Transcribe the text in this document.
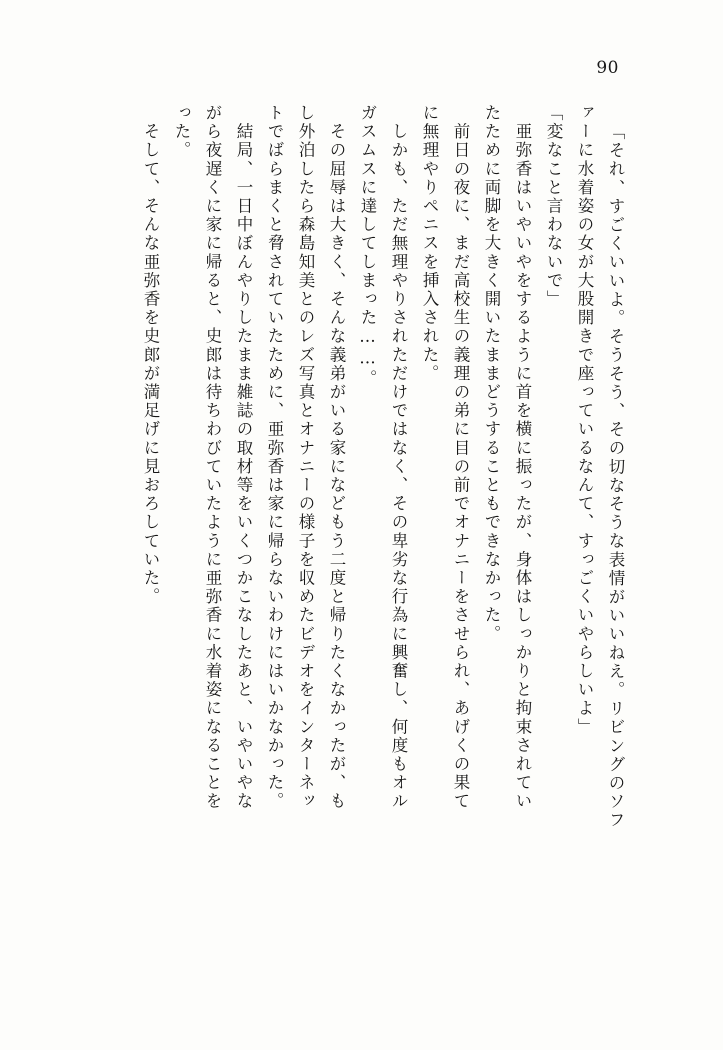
90
「それ、すごくいいよ。そうそう、その切なそうな表情がいいねえ。リビングのソフ
ァーに水着姿の女が大股開きで座っているなんて、すっごくいやらしいよ」
「変なこと言わないで」
　亜弥香はいやいやをするように首を横に振ったが、身体はしっかりと拘束されてい
たために両脚を大きく開いたままどうすることもできなかった。
　前日の夜に、まだ高校生の義理の弟に目の前でオナニーをさせられ、あげくの果て
に無理やりペニスを挿入された。
　しかも、ただ無理やりされただけではなく、その卑劣な行為に興奮し、何度もオル
ガスムスに達してしまった……。
　その屈辱は大きく、そんな義弟がいる家になどもう二度と帰りたくなかったが、も
し外泊したら森島知美とのレズ写真とオナニーの様子を収めたビデオをインターネッ
トでばらまくと脅されていたために、亜弥香は家に帰らないわけにはいかなかった。
　結局、一日中ぼんやりしたまま雑誌の取材等をいくつかこなしたあと、いやいやな
がら夜遅くに家に帰ると、史郎は待ちわびていたように亜弥香に水着姿になることを
った。
　そして、そんな亜弥香を史郎が満足げに見おろしていた。
